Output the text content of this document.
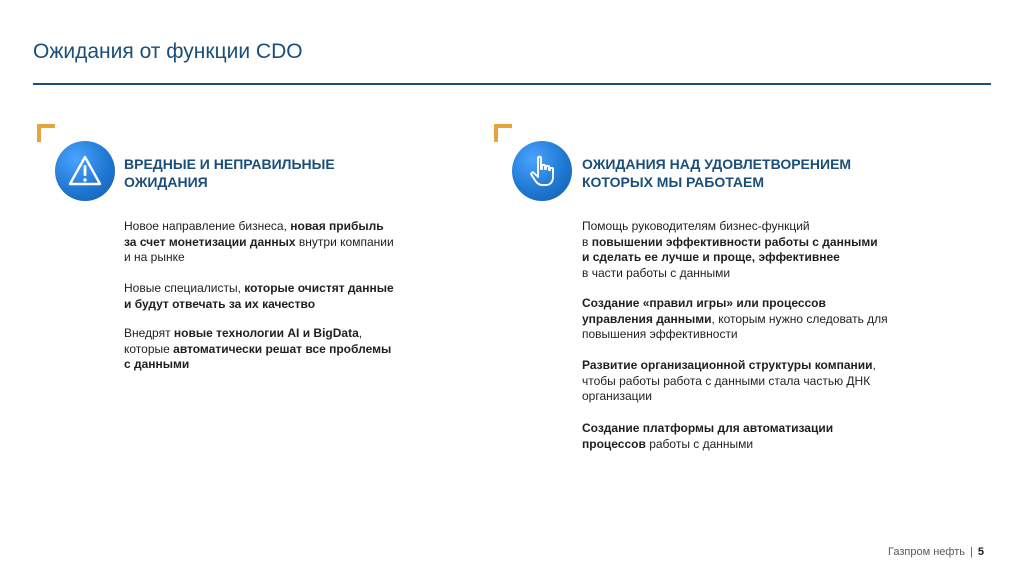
Ожидания от функции CDO
ВРЕДНЫЕ И НЕПРАВИЛЬНЫЕ
ОЖИДАНИЯ

Новое направление бизнеса, новая прибыль
за счет монетизации данных внутри компании
и на рынке

Новые специалисты, которые очистят данные
и будут отвечать за их качество

Внедрят новые технологии AI и BigData,
которые автоматически решат все проблемы
с данными

ОЖИДАНИЯ НАД УДОВЛЕТВОРЕНИЕМ
КОТОРЫХ МЫ РАБОТАЕМ

Помощь руководителям бизнес-функций
в повышении эффективности работы с данными
и сделать ее лучше и проще, эффективнее
в части работы с данными

Создание «правил игры» или процессов
управления данными, которым нужно следовать для
повышения эффективности

Развитие организационной структуры компании,
чтобы работы работа с данными стала частью ДНК
организации

Создание платформы для автоматизации
процессов работы с данными

Газпром нефть | 5
